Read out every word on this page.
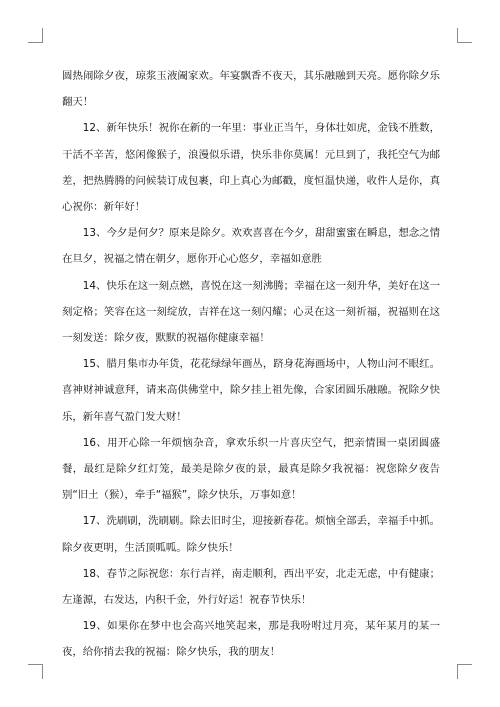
圆热闹除夕夜，琼浆玉液阖家欢。年宴飘香不夜天，其乐融融到天亮。愿你除夕乐翻天！

12、新年快乐！祝你在新的一年里：事业正当午，身体壮如虎，金钱不胜数，干活不辛苦，悠闲像猴子，浪漫似乐谱，快乐非你莫属！元旦到了，我托空气为邮差，把热腾腾的问候装订成包裹，印上真心为邮戳，度恒温快递，收件人是你，真心祝你：新年好！

13、今夕是何夕？原来是除夕。欢欢喜喜在今夕，甜甜蜜蜜在瞬息，想念之情在旦夕，祝福之情在朝夕，愿你开心心悠夕，幸福如意胜

14、快乐在这一刻点燃，喜悦在这一刻沸腾；幸福在这一刻升华，美好在这一刻定格；笑容在这一刻绽放，吉祥在这一刻闪耀；心灵在这一刻祈福，祝福则在这一刻发送：除夕夜，默默的祝福你健康幸福！

15、腊月集市办年货，花花绿绿年画丛，跻身花海画场中，人物山河不眼红。喜神财神诚意拜，请来高供佛堂中，除夕挂上祖先像，合家团圆乐融融。祝除夕快乐，新年喜气盈门发大财！

16、用开心除一年烦恼杂音，拿欢乐织一片喜庆空气，把亲情围一桌团圆盛餐，最红是除夕红灯笼，最美是除夕夜的景，最真是除夕我祝福：祝您除夕夜告别“旧土（猴），牵手“福猴”，除夕快乐，万事如意！

17、洗刷刷，洗刷刷。除去旧时尘，迎接新春花。烦恼全部丢，幸福手中抓。除夕夜更明，生活顶呱呱。除夕快乐！

18、春节之际祝您：东行吉祥，南走顺利，西出平安，北走无虑，中有健康；左逢源，右发达，内积千金，外行好运！祝春节快乐！

19、如果你在梦中也会高兴地笑起来，那是我吩咐过月亮，某年某月的某一夜，给你捎去我的祝福：除夕快乐，我的朋友！
